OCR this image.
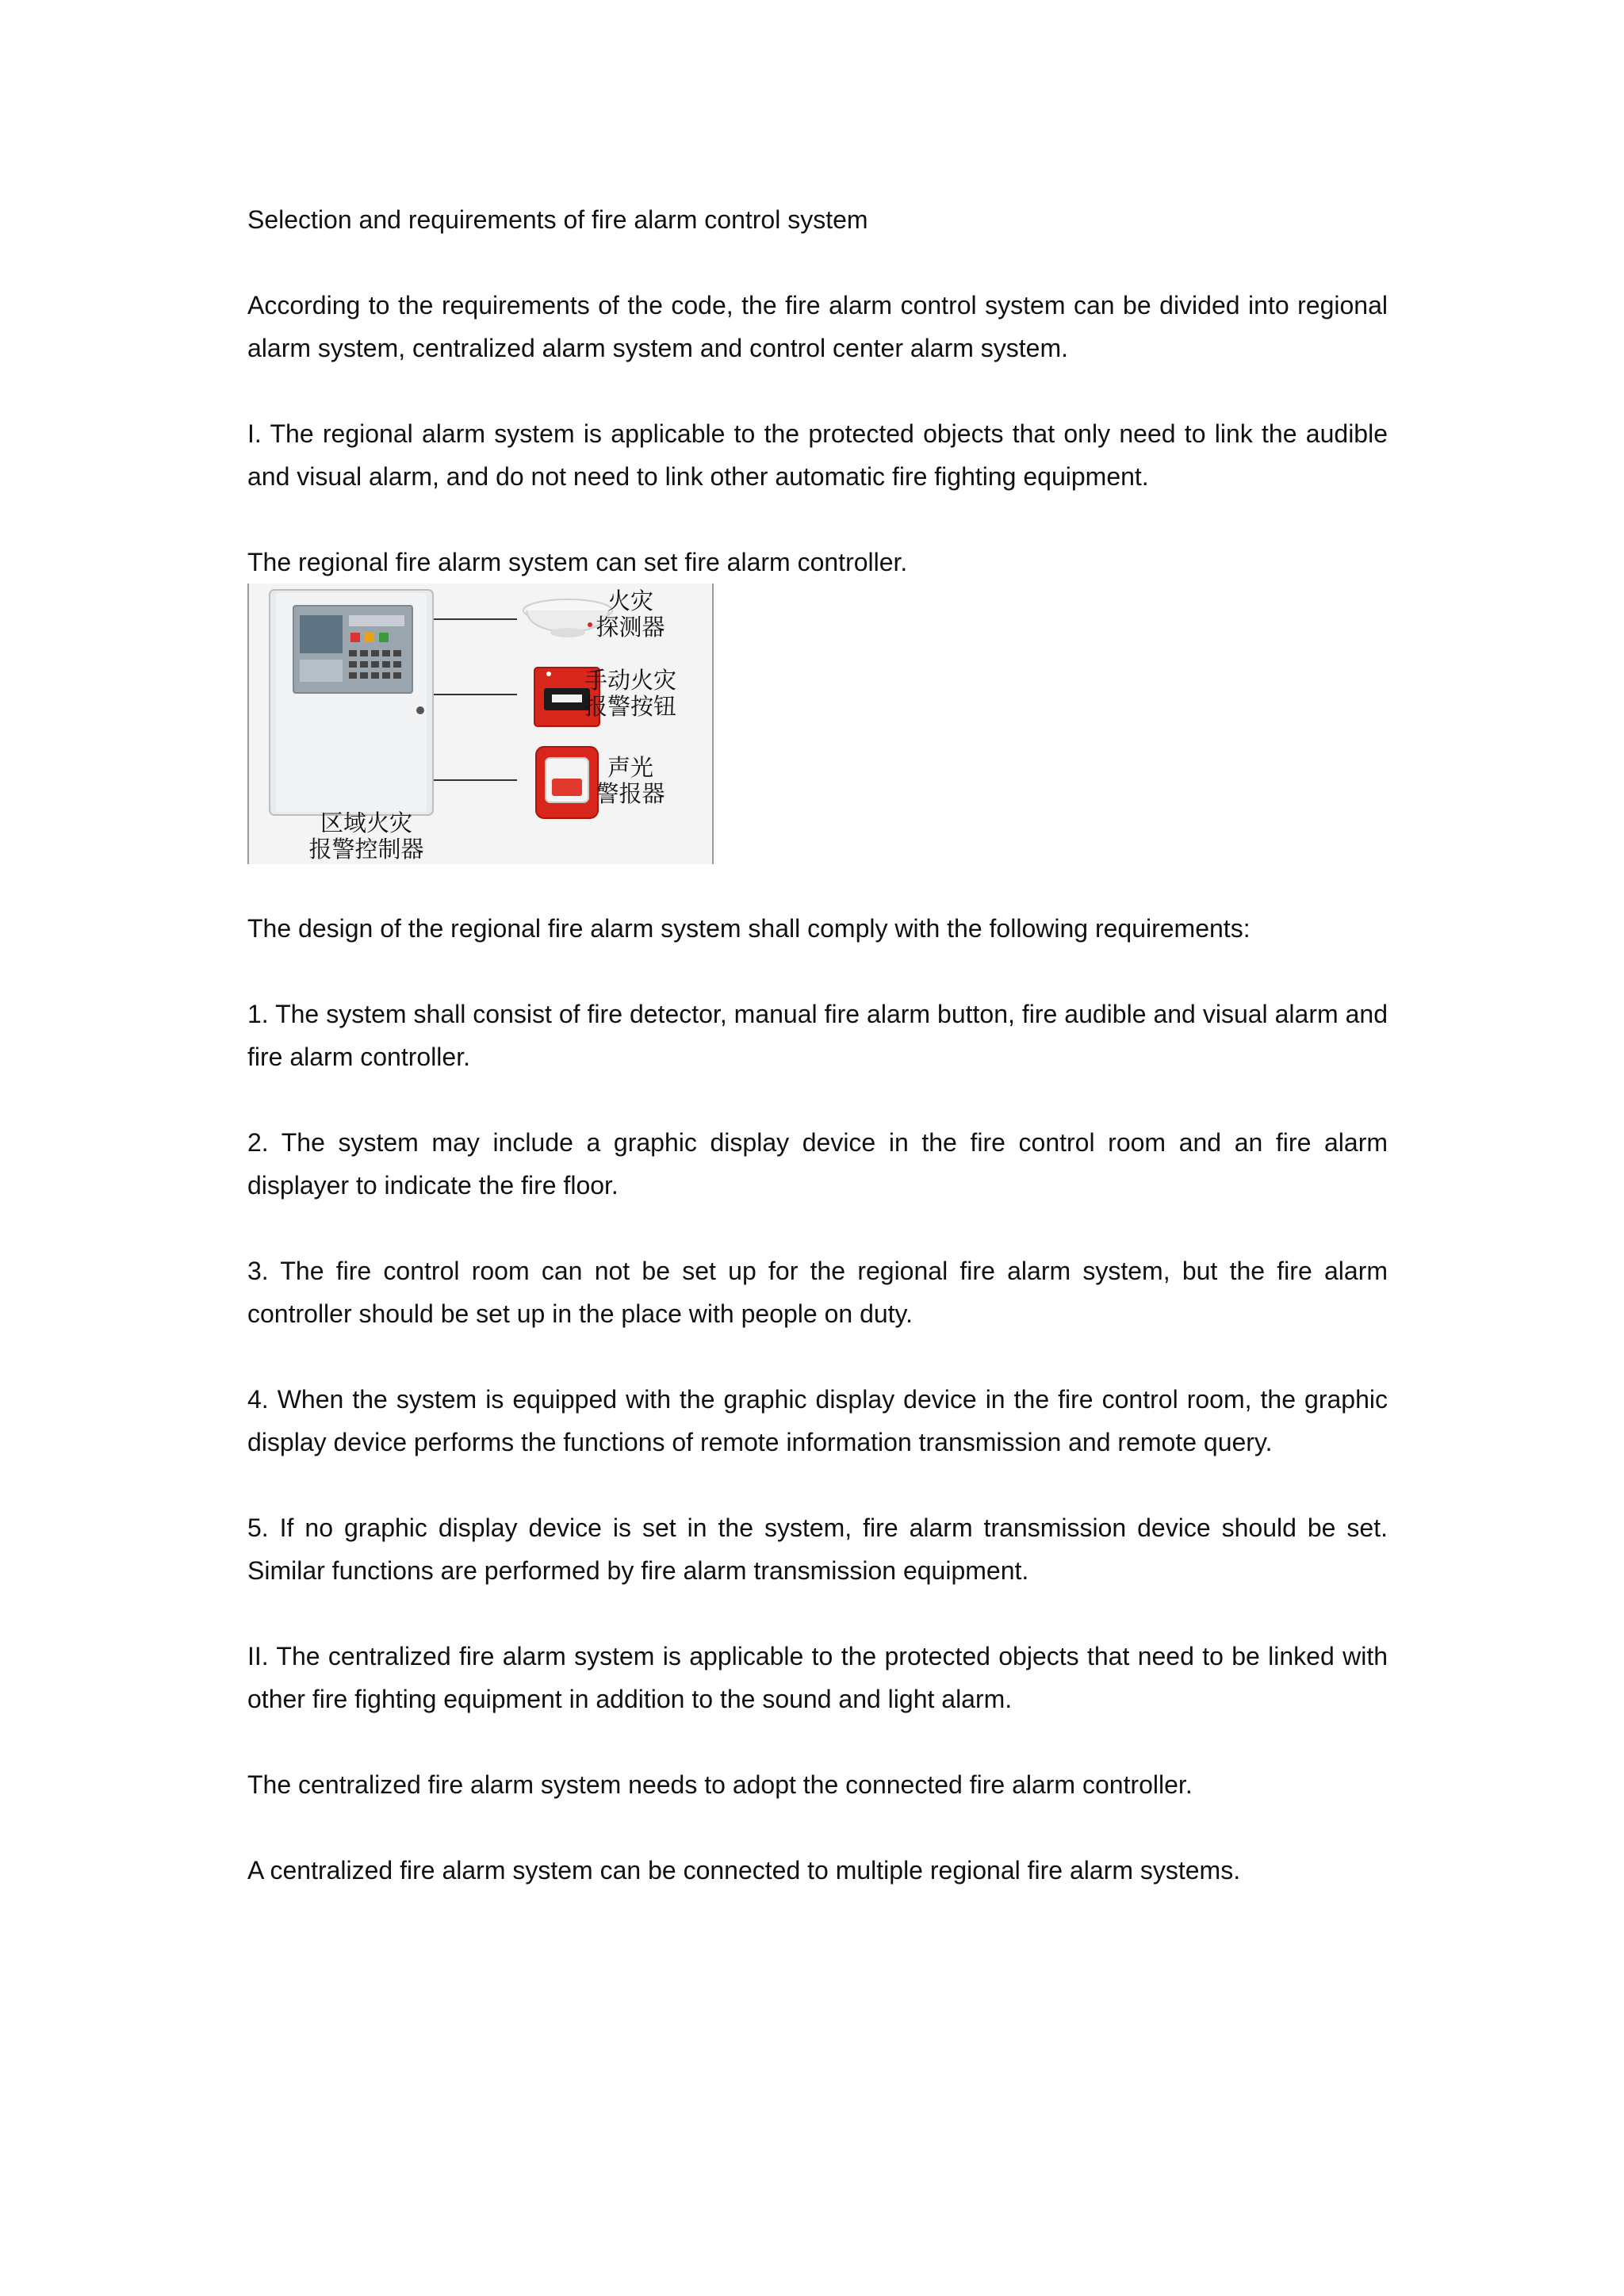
Selection and requirements of fire alarm control system

According to the requirements of the code, the fire alarm control system can be divided into regional alarm system, centralized alarm system and control center alarm system.

I. The regional alarm system is applicable to the protected objects that only need to link the audible and visual alarm, and do not need to link other automatic fire fighting equipment.

The regional fire alarm system can set fire alarm controller.

火灾
探测器
手动火灾
报警按钮
声光
警报器
区域火灾
报警控制器

The design of the regional fire alarm system shall comply with the following requirements:

1. The system shall consist of fire detector, manual fire alarm button, fire audible and visual alarm and fire alarm controller.

2. The system may include a graphic display device in the fire control room and an fire alarm displayer to indicate the fire floor.

3. The fire control room can not be set up for the regional fire alarm system, but the fire alarm controller should be set up in the place with people on duty.

4. When the system is equipped with the graphic display device in the fire control room, the graphic display device performs the functions of remote information transmission and remote query.

5. If no graphic display device is set in the system, fire alarm transmission device should be set. Similar functions are performed by fire alarm transmission equipment.

II. The centralized fire alarm system is applicable to the protected objects that need to be linked with other fire fighting equipment in addition to the sound and light alarm.

The centralized fire alarm system needs to adopt the connected fire alarm controller.

A centralized fire alarm system can be connected to multiple regional fire alarm systems.
